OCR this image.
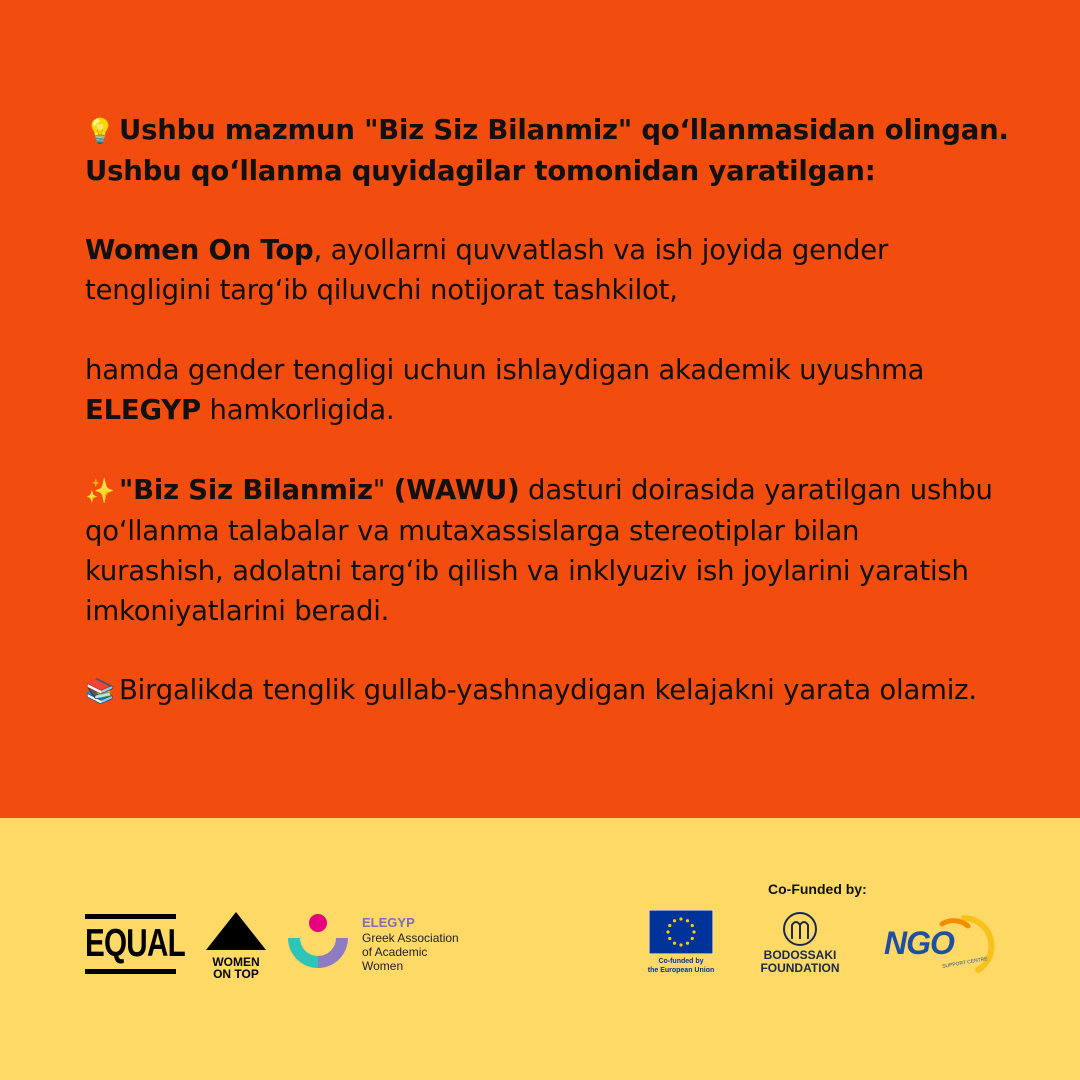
💡 Ushbu mazmun "Biz Siz Bilanmiz" qo‘llanmasidan olingan.

Ushbu qo‘llanma quyidagilar tomonidan yaratilgan:

Women On Top, ayollarni quvvatlash va ish joyida gender

tengligini targ‘ib qiluvchi notijorat tashkilot,

hamda gender tengligi uchun ishlaydigan akademik uyushma

ELEGYP hamkorligida.

✨ "Biz Siz Bilanmiz" (WAWU) dasturi doirasida yaratilgan ushbu

qo‘llanma talabalar va mutaxassislarga stereotiplar bilan

kurashish, adolatni targ‘ib qilish va inklyuziv ish joylarini yaratish

imkoniyatlarini beradi.

📚 Birgalikda tenglik gullab-yashnaydigan kelajakni yarata olamiz.

Co-Funded by:
EQUAL	WOMEN
ON TOP
ELEGYP
Greek Association
of Academic
Women	Co-funded by
the European Union
BODOSSAKI
FOUNDATION
NGO
SUPPORT CENTRE
